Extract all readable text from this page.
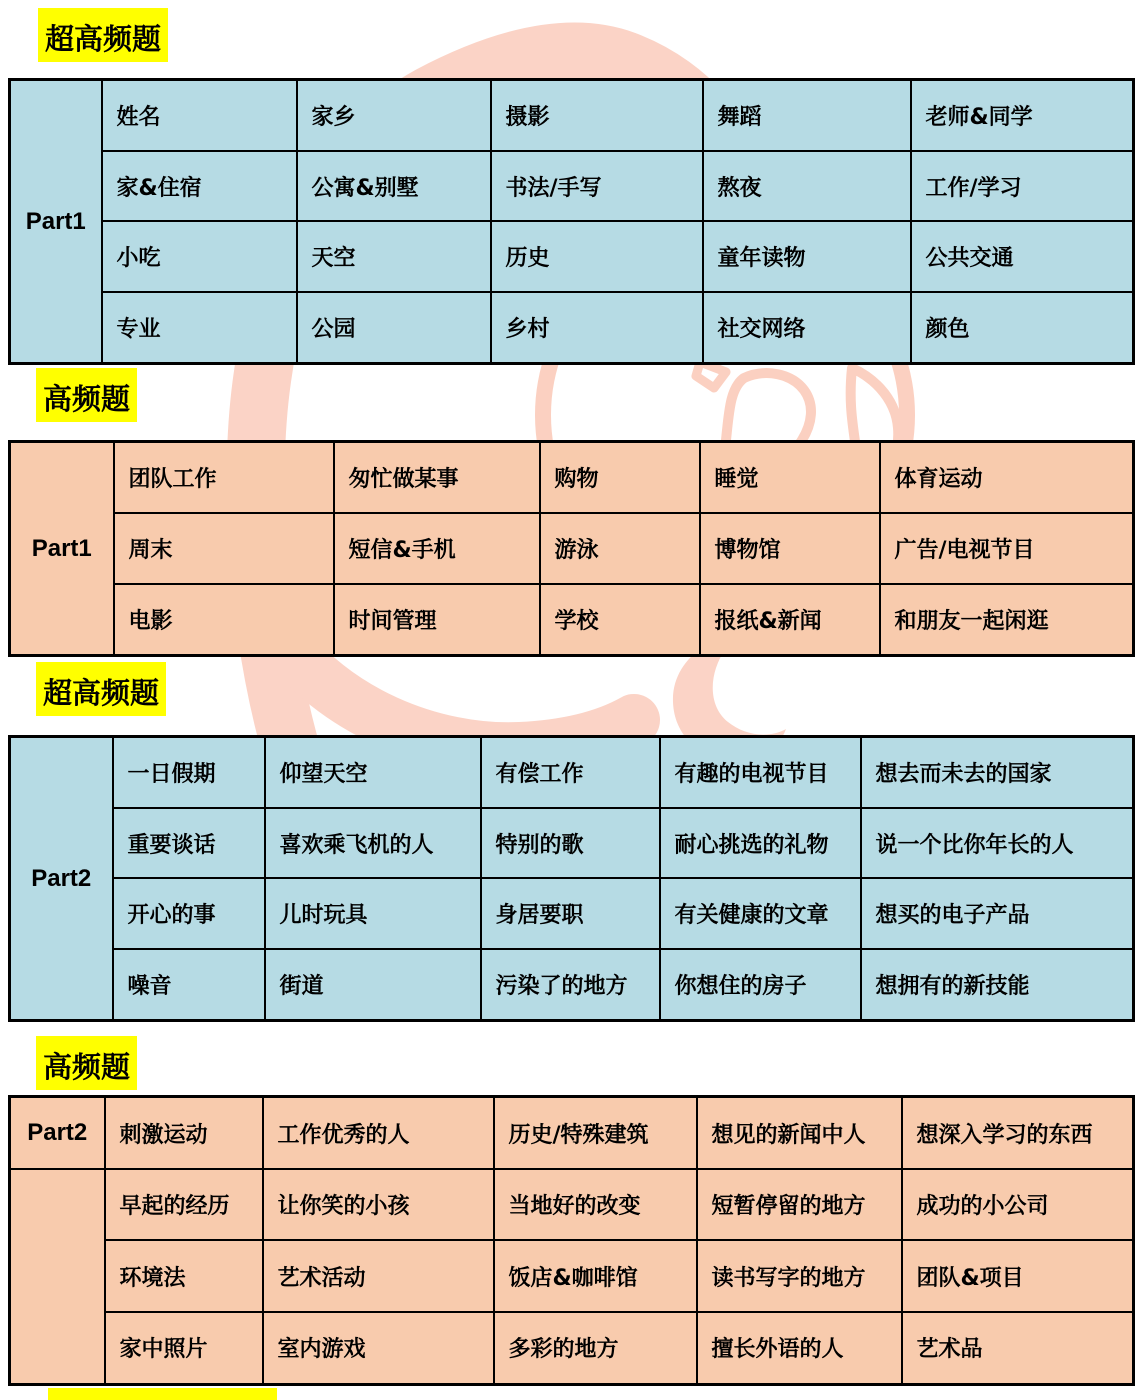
超高频题
Part1	姓名	家乡	摄影	舞蹈	老师&同学
	家&住宿	公寓&别墅	书法/手写	熬夜	工作/学习
	小吃	天空	历史	童年读物	公共交通
	专业	公园	乡村	社交网络	颜色
高频题
Part1	团队工作	匆忙做某事	购物	睡觉	体育运动
	周末	短信&手机	游泳	博物馆	广告/电视节目
	电影	时间管理	学校	报纸&新闻	和朋友一起闲逛
超高频题
Part2	一日假期	仰望天空	有偿工作	有趣的电视节目	想去而未去的国家
	重要谈话	喜欢乘飞机的人	特别的歌	耐心挑选的礼物	说一个比你年长的人
	开心的事	儿时玩具	身居要职	有关健康的文章	想买的电子产品
	噪音	街道	污染了的地方	你想住的房子	想拥有的新技能
高频题
Part2	刺激运动	工作优秀的人	历史/特殊建筑	想见的新闻中人	想深入学习的东西
	早起的经历	让你笑的小孩	当地好的改变	短暂停留的地方	成功的小公司
	环境法	艺术活动	饭店&咖啡馆	读书写字的地方	团队&项目
	家中照片	室内游戏	多彩的地方	擅长外语的人	艺术品
